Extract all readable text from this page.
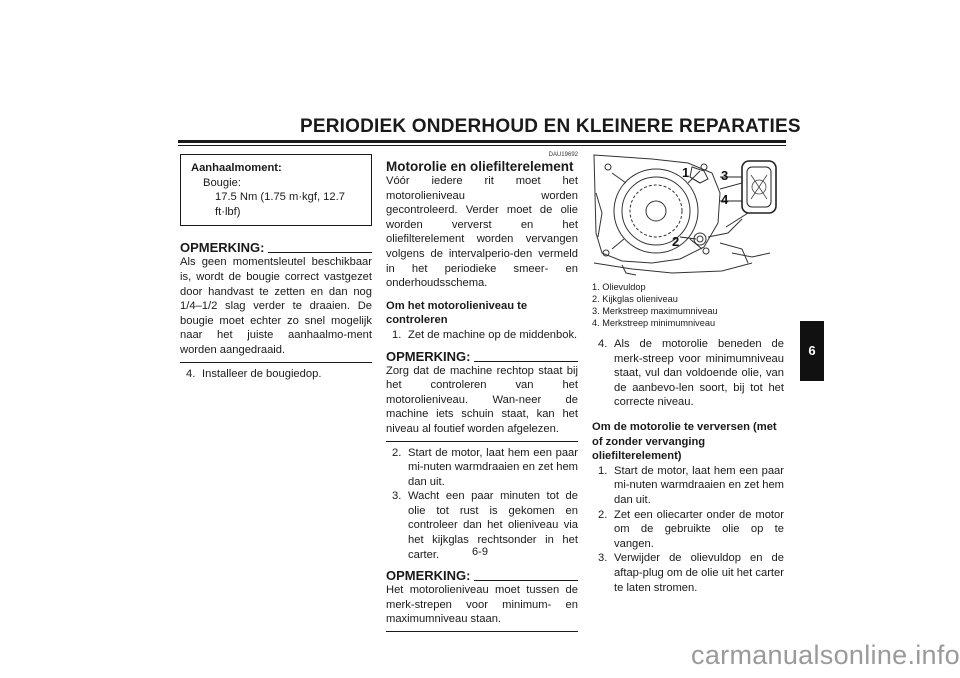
PERIODIEK ONDERHOUD EN KLEINERE REPARATIES
Aanhaalmoment:
Bougie:
17.5 Nm (1.75 m·kgf, 12.7 ft·lbf)
OPMERKING:
Als geen momentsleutel beschikbaar is, wordt de bougie correct vastgezet door handvast te zetten en dan nog 1/4–1/2 slag verder te draaien. De bougie moet echter zo snel mogelijk naar het juiste aanhaalmo-ment worden aangedraaid.
4. Installeer de bougiedop.
DAU19692
Motorolie en oliefilterelement
Vóór iedere rit moet het motorolieniveau worden gecontroleerd. Verder moet de olie worden ververst en het oliefilterelement worden vervangen volgens de intervalperio-den vermeld in het periodieke smeer- en onderhoudsschema.
Om het motorolieniveau te controleren
1. Zet de machine op de middenbok.
OPMERKING:
Zorg dat de machine rechtop staat bij het controleren van het motorolieniveau. Wan-neer de machine iets schuin staat, kan het niveau al foutief worden afgelezen.
2. Start de motor, laat hem een paar mi-nuten warmdraaien en zet hem dan uit.
3. Wacht een paar minuten tot de olie tot rust is gekomen en controleer dan het olieniveau via het kijkglas rechtsonder in het carter.
OPMERKING:
Het motorolieniveau moet tussen de merk-strepen voor minimum- en maximumniveau staan.
1
2
3
4
1. Olievuldop
2. Kijkglas olieniveau
3. Merkstreep maximumniveau
4. Merkstreep minimumniveau
4. Als de motorolie beneden de merk-streep voor minimumniveau staat, vul dan voldoende olie, van de aanbevo-len soort, bij tot het correcte niveau.
Om de motorolie te verversen (met of zonder vervanging oliefilterelement)
1. Start de motor, laat hem een paar mi-nuten warmdraaien en zet hem dan uit.
2. Zet een oliecarter onder de motor om de gebruikte olie op te vangen.
3. Verwijder de olievuldop en de aftap-plug om de olie uit het carter te laten stromen.
6
6-9
carmanualsonline.info
